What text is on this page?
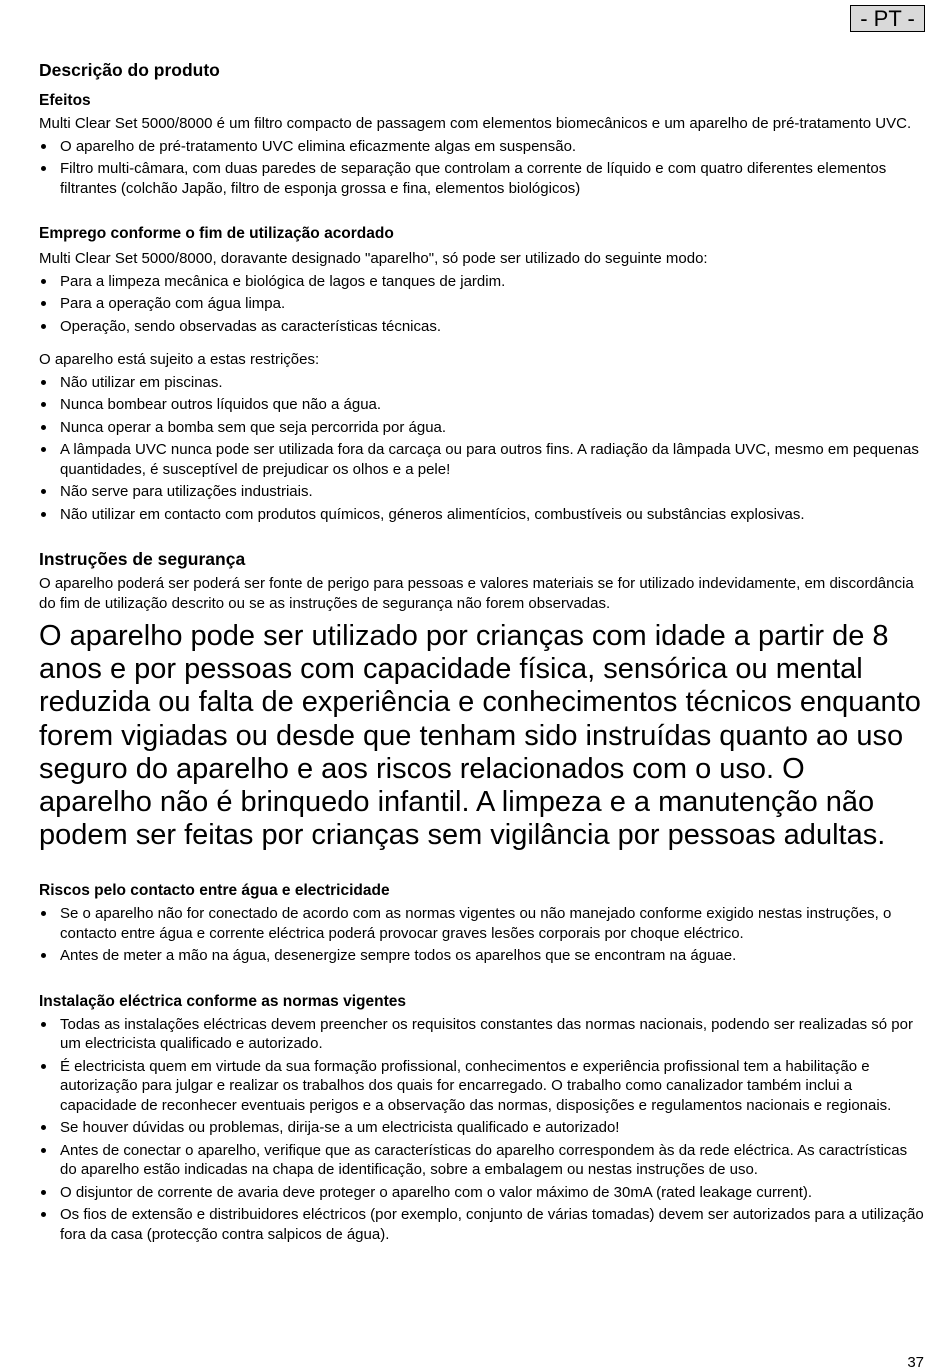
- PT -
Descrição do produto
Efeitos

Multi Clear Set 5000/8000 é um filtro compacto de passagem com elementos biomecânicos e um aparelho de pré-tratamento UVC.

O aparelho de pré-tratamento UVC elimina eficazmente algas em suspensão.
Filtro multi-câmara, com duas paredes de separação que controlam a corrente de líquido e com quatro diferentes elementos filtrantes (colchão Japão, filtro de esponja grossa e fina, elementos biológicos)
Emprego conforme o fim de utilização acordado

Multi Clear Set 5000/8000, doravante designado "aparelho", só pode ser utilizado do seguinte modo:

Para a limpeza mecânica e biológica de lagos e tanques de jardim.
Para a operação com água limpa.
Operação, sendo observadas as características técnicas.

O aparelho está sujeito a estas restrições:

Não utilizar em piscinas.
Nunca bombear outros líquidos que não a água.
Nunca operar a bomba sem que seja percorrida por água.
A lâmpada UVC nunca pode ser utilizada fora da carcaça ou para outros fins. A radiação da lâmpada UVC, mesmo em pequenas quantidades, é susceptível de prejudicar os olhos e a pele!
Não serve para utilizações industriais.
Não utilizar em contacto com produtos químicos, géneros alimentícios, combustíveis ou substâncias explosivas.
Instruções de segurança

O aparelho poderá ser poderá ser fonte de perigo para pessoas e valores materiais se for utilizado indevidamente, em discordância do fim de utilização descrito ou se as instruções de segurança não forem observadas.

O aparelho pode ser utilizado por crianças com idade a partir de 8 anos e por pessoas com capacidade física, sensórica ou mental reduzida ou falta de experiência e conhecimentos técnicos enquanto forem vigiadas ou desde que tenham sido instruídas quanto ao uso seguro do aparelho e aos riscos relacionados com o uso. O aparelho não é brinquedo infantil. A limpeza e a manutenção não podem ser feitas por crianças sem vigilância por pessoas adultas.

Riscos pelo contacto entre água e electricidade
Se o aparelho não for conectado de acordo com as normas vigentes ou não manejado conforme exigido nestas instruções, o contacto entre água e corrente eléctrica poderá provocar graves lesões corporais por choque eléctrico.
Antes de meter a mão na água, desenergize sempre todos os aparelhos que se encontram na águae.
Instalação eléctrica conforme as normas vigentes
Todas as instalações eléctricas devem preencher os requisitos constantes das normas nacionais, podendo ser realizadas só por um electricista qualificado e autorizado.
É electricista quem em virtude da sua formação profissional, conhecimentos e experiência profissional tem a habilitação e autorização para julgar e realizar os trabalhos dos quais for encarregado. O trabalho como canalizador também inclui a capacidade de reconhecer eventuais perigos e a observação das normas, disposições e regulamentos nacionais e regionais.
Se houver dúvidas ou problemas, dirija-se a um electricista qualificado e autorizado!
Antes de conectar o aparelho, verifique que as características do aparelho correspondem às da rede eléctrica. As caractrísticas do aparelho estão indicadas na chapa de identificação, sobre a embalagem ou nestas instruções de uso.
O disjuntor de corrente de avaria deve proteger o aparelho com o valor máximo de 30mA (rated leakage current).
Os fios de extensão e distribuidores eléctricos (por exemplo, conjunto de várias tomadas) devem ser autorizados para a utilização fora da casa (protecção contra salpicos de água).
37
